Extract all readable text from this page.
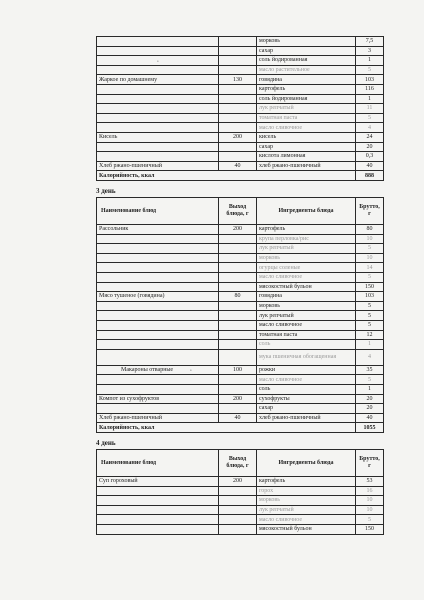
		морковь	7,5
		сахар	3
		соль йодированная	1
		масло растительное	5
Жаркое по домашнему	130	говядина	103
		картофель	116
		соль йодированная	1
		лук репчатый	11
		томатная паста	5
		масло сливочное	4
Кисель	200	кисель	24
		сахар	20
		кислота лимонная	0,3
Хлеб ржано-пшеничный	40	хлеб ржано-пшеничный	40
Калорийность, ккал			888
3 день
Наименование блюд	Выход блюда, г	Ингредиенты блюда	Брутто, г
Рассольник	200	картофель	80
		крупа перловка/рис	10
		лук репчатый	5
		морковь	10
		огурцы соленые	14
		масло сливочное	5
		мясокостный бульон	150
Мясо тушеное (говядина)	80	говядина	103
		морковь	5
		лук репчатый	5
		масло сливочное	5
		томатная паста	12
		соль	1
		мука пшеничная обогащенная	4
Макароны отварные	100	рожки	35
		масло сливочное	5
		соль	1
Компот из сухофруктов	200	сухофрукты	20
		сахар	20
Хлеб ржано-пшеничный	40	хлеб ржано-пшеничный	40
Калорийность, ккал			1055
4 день
Наименование блюд	Выход блюда, г	Ингредиенты блюда	Брутто, г
Суп гороховый	200	картофель	53
		горох	16
		морковь	10
		лук репчатый	10
		масло сливочное	5
		мясокостный бульон	150
•
•
